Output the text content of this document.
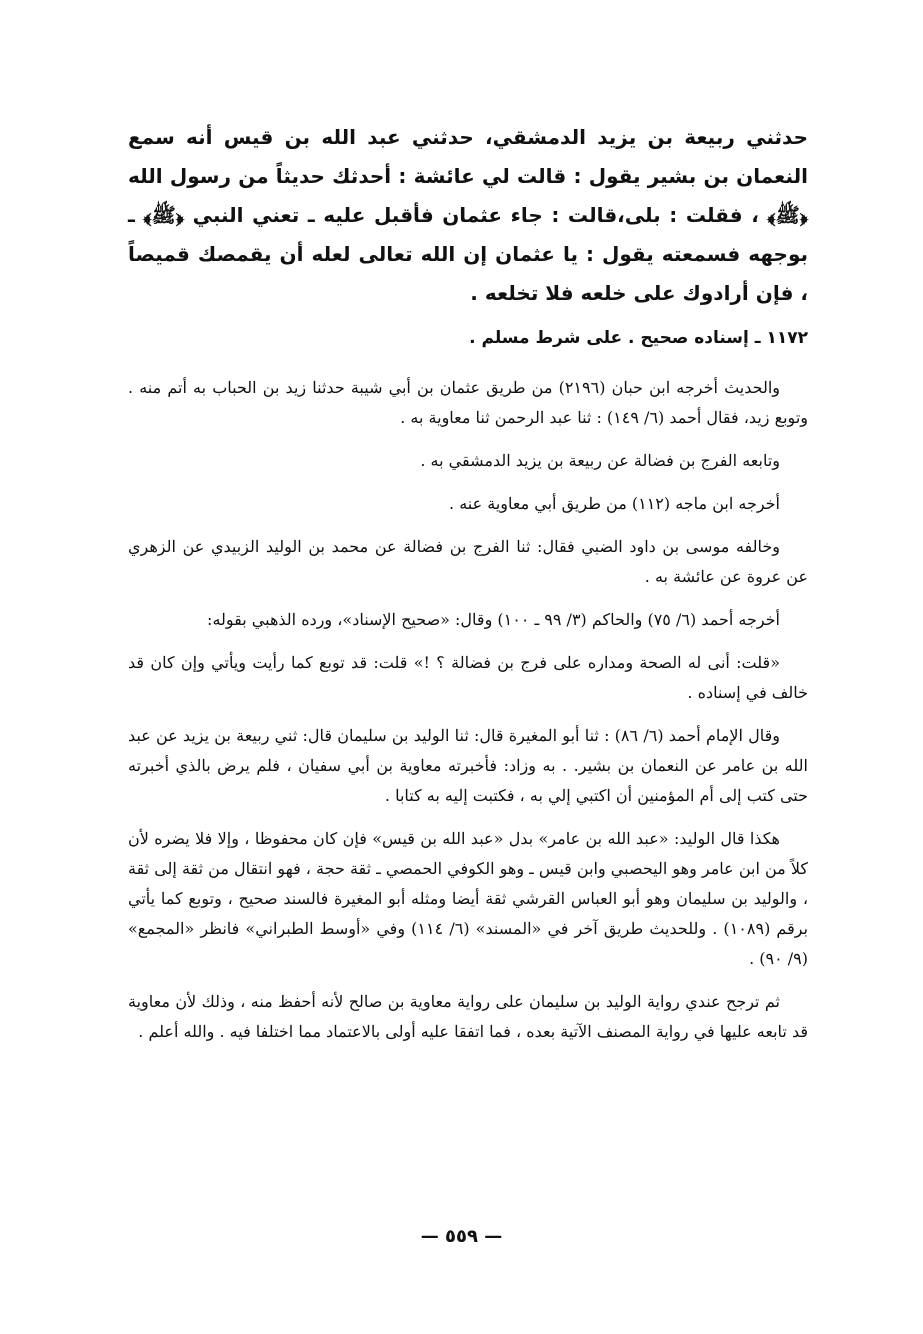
حدثني ربيعة بن يزيد الدمشقي، حدثني عبد الله بن قيس أنه سمع النعمان بن بشير يقول : قالت لي عائشة : أحدثك حديثاً من رسول الله ﴿ﷺ﴾ ، فقلت : بلى،قالت : جاء عثمان فأقبل عليه ـ تعني النبي ﴿ﷺ﴾ ـ بوجهه فسمعته يقول : يا عثمان إن الله تعالى لعله أن يقمصك قميصاً ، فإن أرادوك على خلعه فلا تخلعه .

١١٧٢ ـ إسناده صحيح . على شرط مسلم .

والحديث أخرجه ابن حبان (٢١٩٦) من طريق عثمان بن أبي شيبة حدثنا زيد بن الحباب به أتم منه . وتوبع زيد، فقال أحمد (٦/ ١٤٩) : ثنا عبد الرحمن ثنا معاوية به .

وتابعه الفرج بن فضالة عن ربيعة بن يزيد الدمشقي به .

أخرجه ابن ماجه (١١٢) من طريق أبي معاوية عنه .

وخالفه موسى بن داود الضبي فقال: ثنا الفرج بن فضالة عن محمد بن الوليد الزبيدي عن الزهري عن عروة عن عائشة به .

أخرجه أحمد (٦/ ٧٥) والحاكم (٣/ ٩٩ ـ ١٠٠) وقال: «صحيح الإسناد»، ورده الذهبي بقوله:

«قلت: أنى له الصحة ومداره على فرج بن فضالة ؟ !» قلت: قد توبع كما رأيت ويأتي وإن كان قد خالف في إسناده .

وقال الإمام أحمد (٦/ ٨٦) : ثنا أبو المغيرة قال: ثنا الوليد بن سليمان قال: ثني ربيعة بن يزيد عن عبد الله بن عامر عن النعمان بن بشير. . به وزاد: فأخبرته معاوية بن أبي سفيان ، فلم يرض بالذي أخبرته حتى كتب إلى أم المؤمنين أن اكتبي إلي به ، فكتبت إليه به كتابا .

هكذا قال الوليد: «عبد الله بن عامر» بدل «عبد الله بن قيس» فإن كان محفوظا ، وإلا فلا يضره لأن كلاً من ابن عامر وهو اليحصبي وابن قيس ـ وهو الكوفي الحمصي ـ ثقة حجة ، فهو انتقال من ثقة إلى ثقة ، والوليد بن سليمان وهو أبو العباس القرشي ثقة أيضا ومثله أبو المغيرة فالسند صحيح ، وتوبع كما يأتي برقم (١٠٨٩) . وللحديث طريق آخر في «المسند» (٦/ ١١٤) وفي «أوسط الطبراني» فانظر «المجمع» (٩/ ٩٠) .

ثم ترجح عندي رواية الوليد بن سليمان على رواية معاوية بن صالح لأنه أحفظ منه ، وذلك لأن معاوية قد تابعه عليها في رواية المصنف الآتية بعده ، فما اتفقا عليه أولى بالاعتماد مما اختلفا فيه . والله أعلم .

— ٥٥٩ —
